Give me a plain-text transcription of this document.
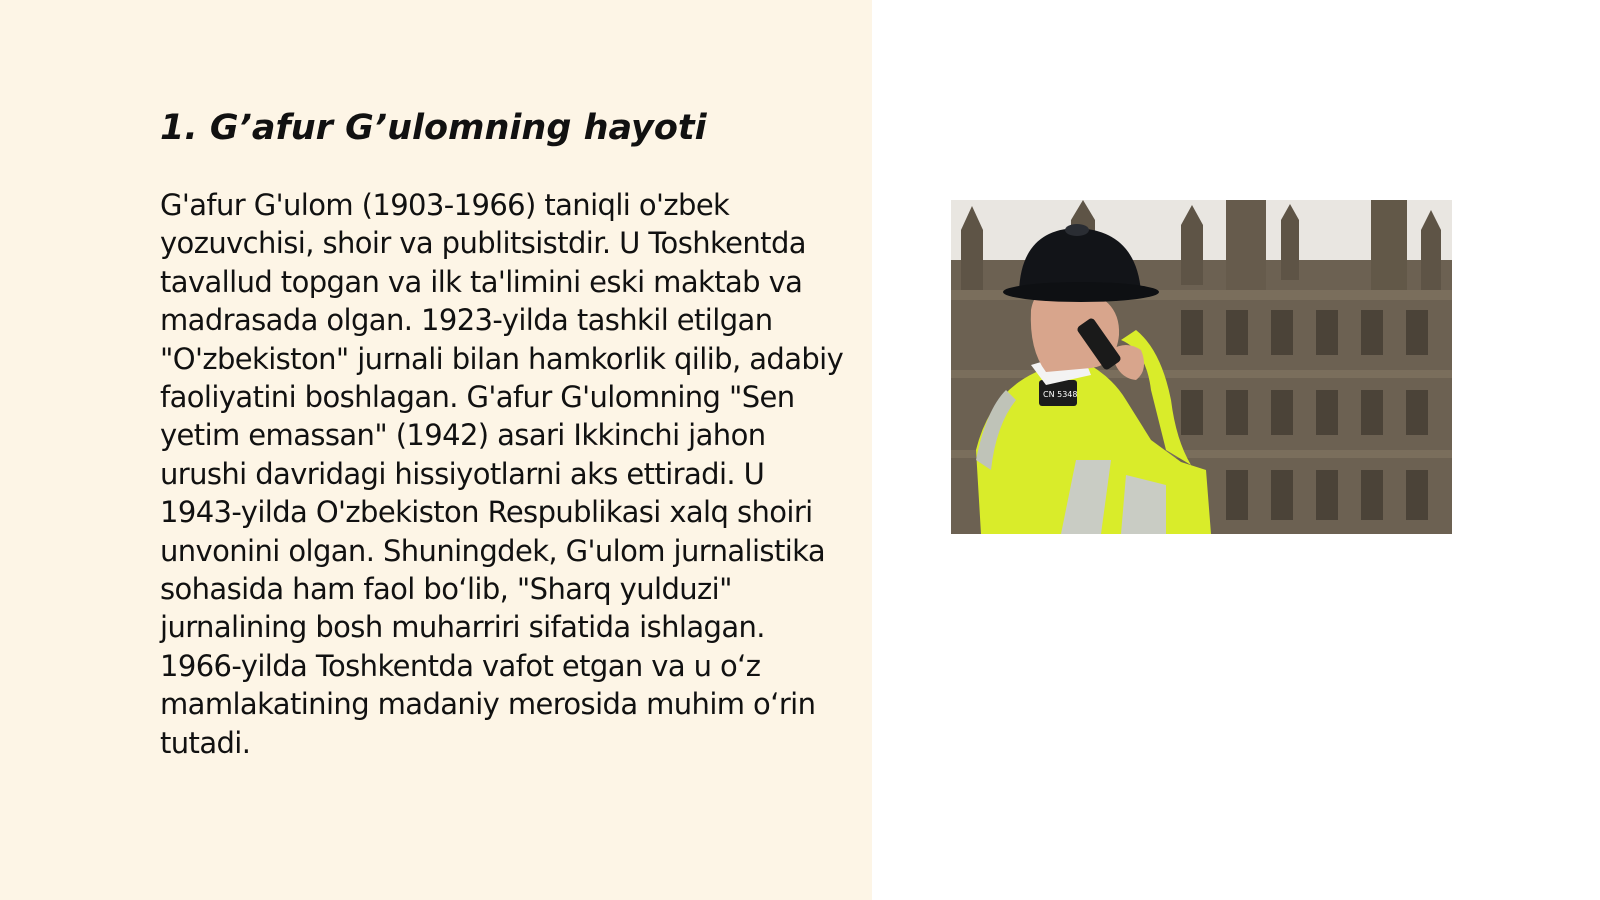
1. G’afur G’ulomning hayoti

G'afur G'ulom (1903-1966) taniqli o'zbek yozuvchisi, shoir va publitsistdir. U Toshkentda tavallud topgan va ilk ta'limini eski maktab va madrasada olgan. 1923-yilda tashkil etilgan "O'zbekiston" jurnali bilan hamkorlik qilib, adabiy faoliyatini boshlagan. G'afur G'ulomning "Sen yetim emassan" (1942) asari Ikkinchi jahon urushi davridagi hissiyotlarni aks ettiradi. U 1943-yilda O'zbekiston Respublikasi xalq shoiri unvonini olgan. Shuningdek, G'ulom jurnalistika sohasida ham faol bo‘lib, "Sharq yulduzi" jurnalining bosh muharriri sifatida ishlagan. 1966-yilda Toshkentda vafot etgan va u o‘z mamlakatining madaniy merosida muhim o‘rin tutadi.

CN 5348
